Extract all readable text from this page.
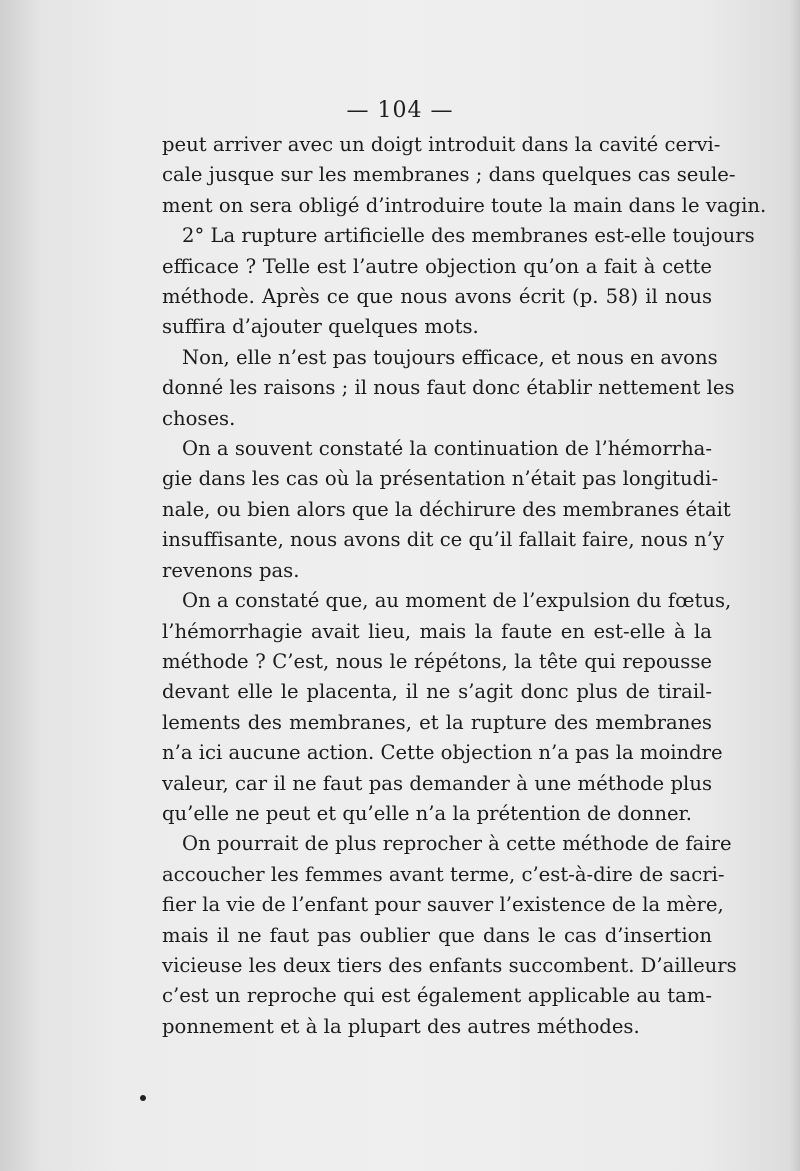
— 104 —
peut arriver avec un doigt introduit dans la cavité cervi-
cale jusque sur les membranes ; dans quelques cas seule-
ment on sera obligé d’introduire toute la main dans le vagin.
2° La rupture artificielle des membranes est-elle toujours
efficace ? Telle est l’autre objection qu’on a fait à cette
méthode. Après ce que nous avons écrit (p. 58) il nous
suffira d’ajouter quelques mots.
Non, elle n’est pas toujours efficace, et nous en avons
donné les raisons ; il nous faut donc établir nettement les
choses.
On a souvent constaté la continuation de l’hémorrha-
gie dans les cas où la présentation n’était pas longitudi-
nale, ou bien alors que la déchirure des membranes était
insuffisante, nous avons dit ce qu’il fallait faire, nous n’y
revenons pas.
On a constaté que, au moment de l’expulsion du fœtus,
l’hémorrhagie avait lieu, mais la faute en est-elle à la
méthode ? C’est, nous le répétons, la tête qui repousse
devant elle le placenta, il ne s’agit donc plus de tirail-
lements des membranes, et la rupture des membranes
n’a ici aucune action. Cette objection n’a pas la moindre
valeur, car il ne faut pas demander à une méthode plus
qu’elle ne peut et qu’elle n’a la prétention de donner.
On pourrait de plus reprocher à cette méthode de faire
accoucher les femmes avant terme, c’est-à-dire de sacri-
fier la vie de l’enfant pour sauver l’existence de la mère,
mais il ne faut pas oublier que dans le cas d’insertion
vicieuse les deux tiers des enfants succombent. D’ailleurs
c’est un reproche qui est également applicable au tam-
ponnement et à la plupart des autres méthodes.
